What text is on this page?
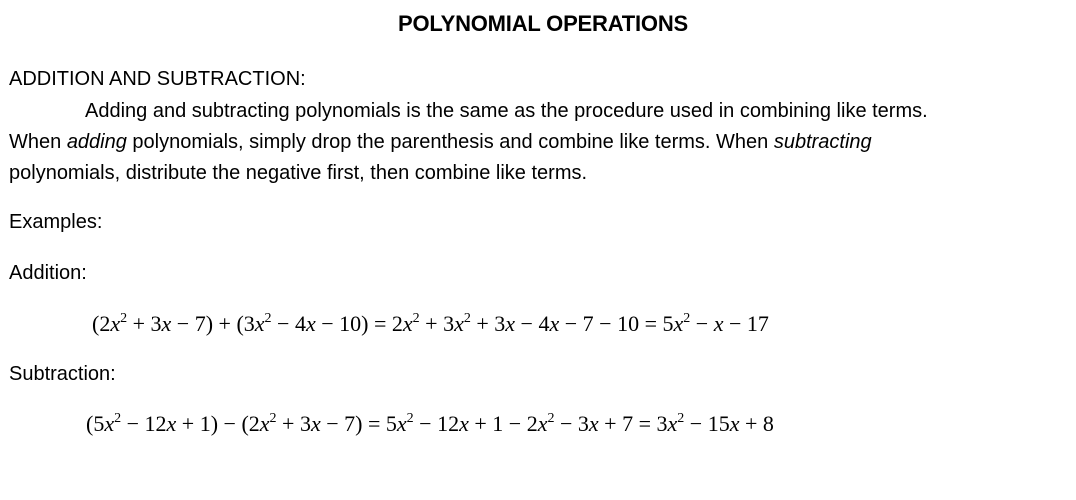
POLYNOMIAL OPERATIONS
ADDITION AND SUBTRACTION:
Adding and subtracting polynomials is the same as the procedure used in combining like terms.
When adding polynomials, simply drop the parenthesis and combine like terms. When subtracting
polynomials, distribute the negative first, then combine like terms.
Examples:
Addition:
$(2x^2 + 3x - 7) + (3x^2 - 4x - 10) = 2x^2 + 3x^2 + 3x - 4x - 7 - 10 = 5x^2 - x - 17$
Subtraction:
$(5x^2 - 12x + 1) - (2x^2 + 3x - 7) = 5x^2 - 12x + 1 - 2x^2 - 3x + 7 = 3x^2 - 15x + 8$
